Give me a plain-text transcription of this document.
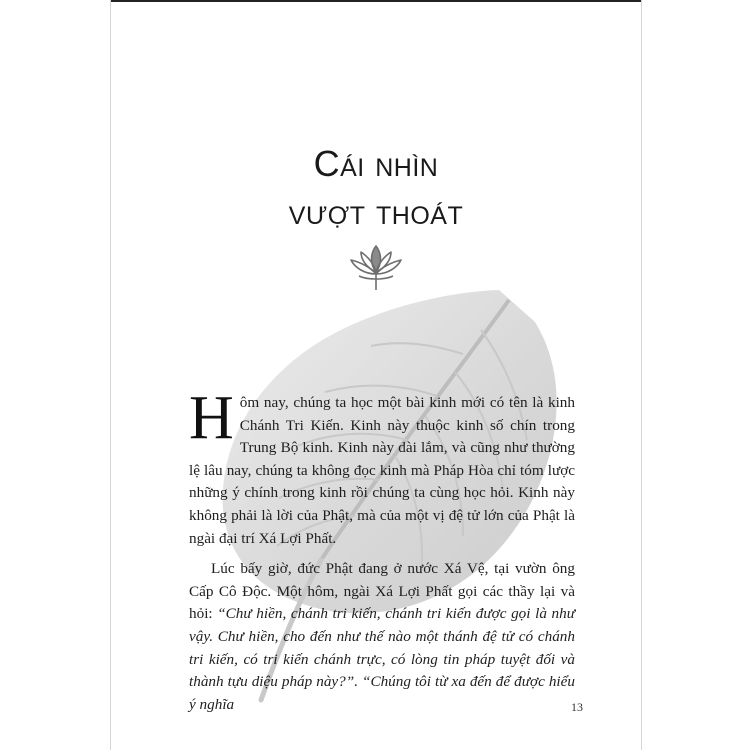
Cái nhìn
vượt thoát

Hôm nay, chúng ta học một bài kinh mới có tên là kinh Chánh Tri Kiến. Kinh này thuộc kinh số chín trong Trung Bộ kinh. Kinh này dài lắm, và cũng như thường lệ lâu nay, chúng ta không đọc kinh mà Pháp Hòa chỉ tóm lược những ý chính trong kinh rồi chúng ta cùng học hỏi. Kinh này không phải là lời của Phật, mà của một vị đệ tử lớn của Phật là ngài đại trí Xá Lợi Phất.

Lúc bấy giờ, đức Phật đang ở nước Xá Vệ, tại vườn ông Cấp Cô Độc. Một hôm, ngài Xá Lợi Phất gọi các thầy lại và hỏi: “Chư hiền, chánh tri kiến, chánh tri kiến được gọi là như vậy. Chư hiền, cho đến như thế nào một thánh đệ tử có chánh tri kiến, có tri kiến chánh trực, có lòng tin pháp tuyệt đối và thành tựu diệu pháp này?”. “Chúng tôi từ xa đến để được hiểu ý nghĩa	13
